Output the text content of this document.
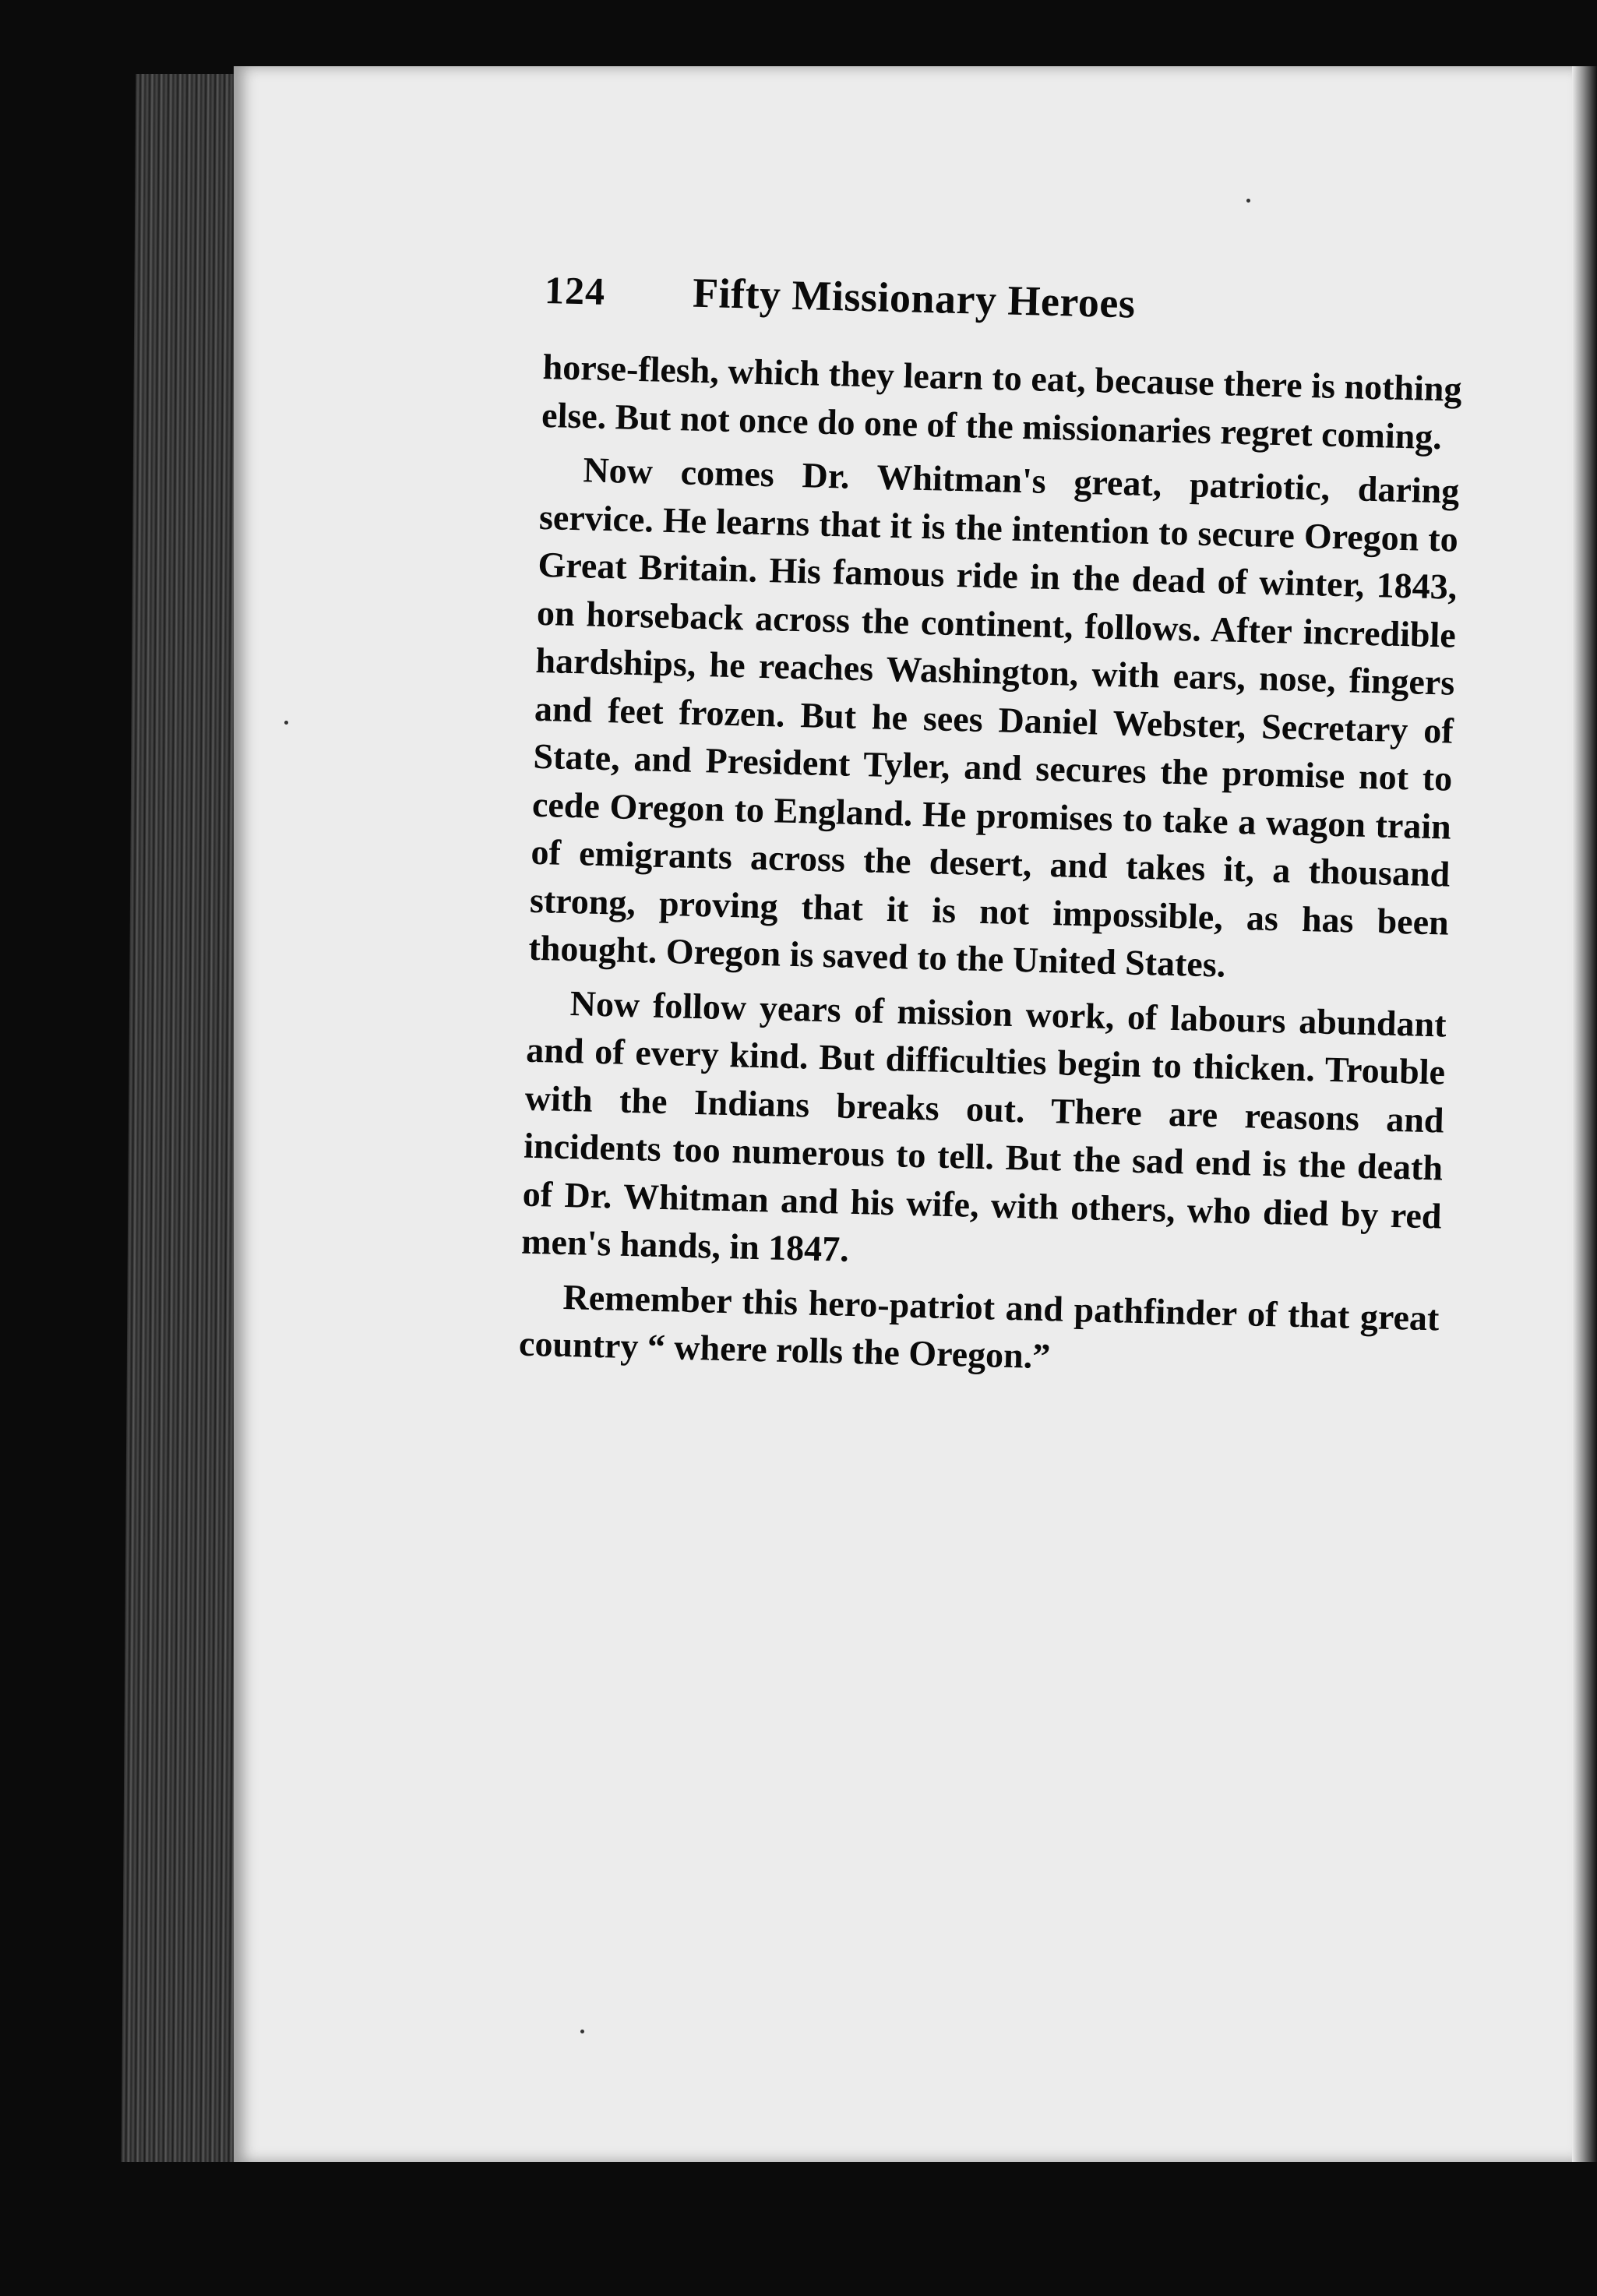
124	Fifty Missionary Heroes

horse-flesh, which they learn to eat, because there is nothing else. But not once do one of the missionaries regret coming.

Now comes Dr. Whitman's great, patriotic, daring service. He learns that it is the intention to secure Oregon to Great Britain. His famous ride in the dead of winter, 1843, on horseback across the continent, follows. After incredible hardships, he reaches Washington, with ears, nose, fingers and feet frozen. But he sees Daniel Webster, Secretary of State, and President Tyler, and secures the promise not to cede Oregon to England. He promises to take a wagon train of emigrants across the desert, and takes it, a thousand strong, proving that it is not impossible, as has been thought. Oregon is saved to the United States.

Now follow years of mission work, of labours abundant and of every kind. But difficulties begin to thicken. Trouble with the Indians breaks out. There are reasons and incidents too numerous to tell. But the sad end is the death of Dr. Whitman and his wife, with others, who died by red men's hands, in 1847.

Remember this hero-patriot and pathfinder of that great country “ where rolls the Oregon.”
